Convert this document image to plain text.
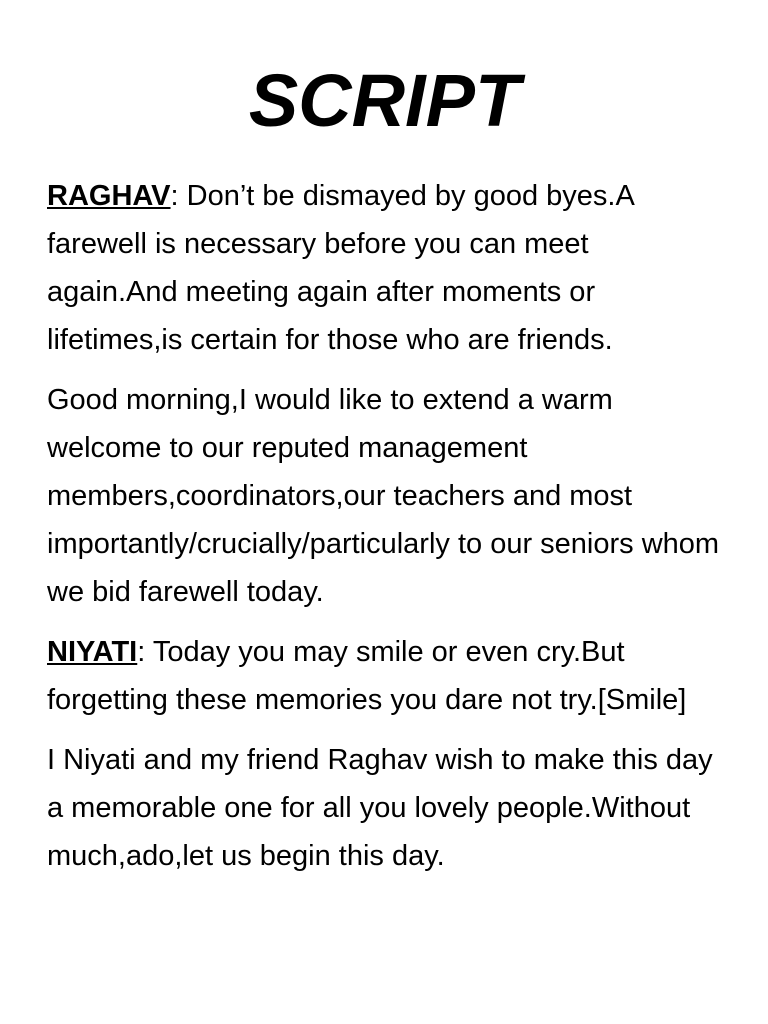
SCRIPT

RAGHAV: Don’t be dismayed by good byes.A farewell is necessary before you can meet again.And meeting again after moments or lifetimes,is certain for those who are friends.

Good morning,I would like to extend a warm welcome to our reputed management members,coordinators,our teachers and most importantly/crucially/particularly to our seniors whom we bid farewell today.

NIYATI: Today you may smile or even cry.But forgetting these memories you dare not try.[Smile]

I Niyati and my friend Raghav wish to make this day a memorable one for all you lovely people.Without much,ado,let us begin this day.
